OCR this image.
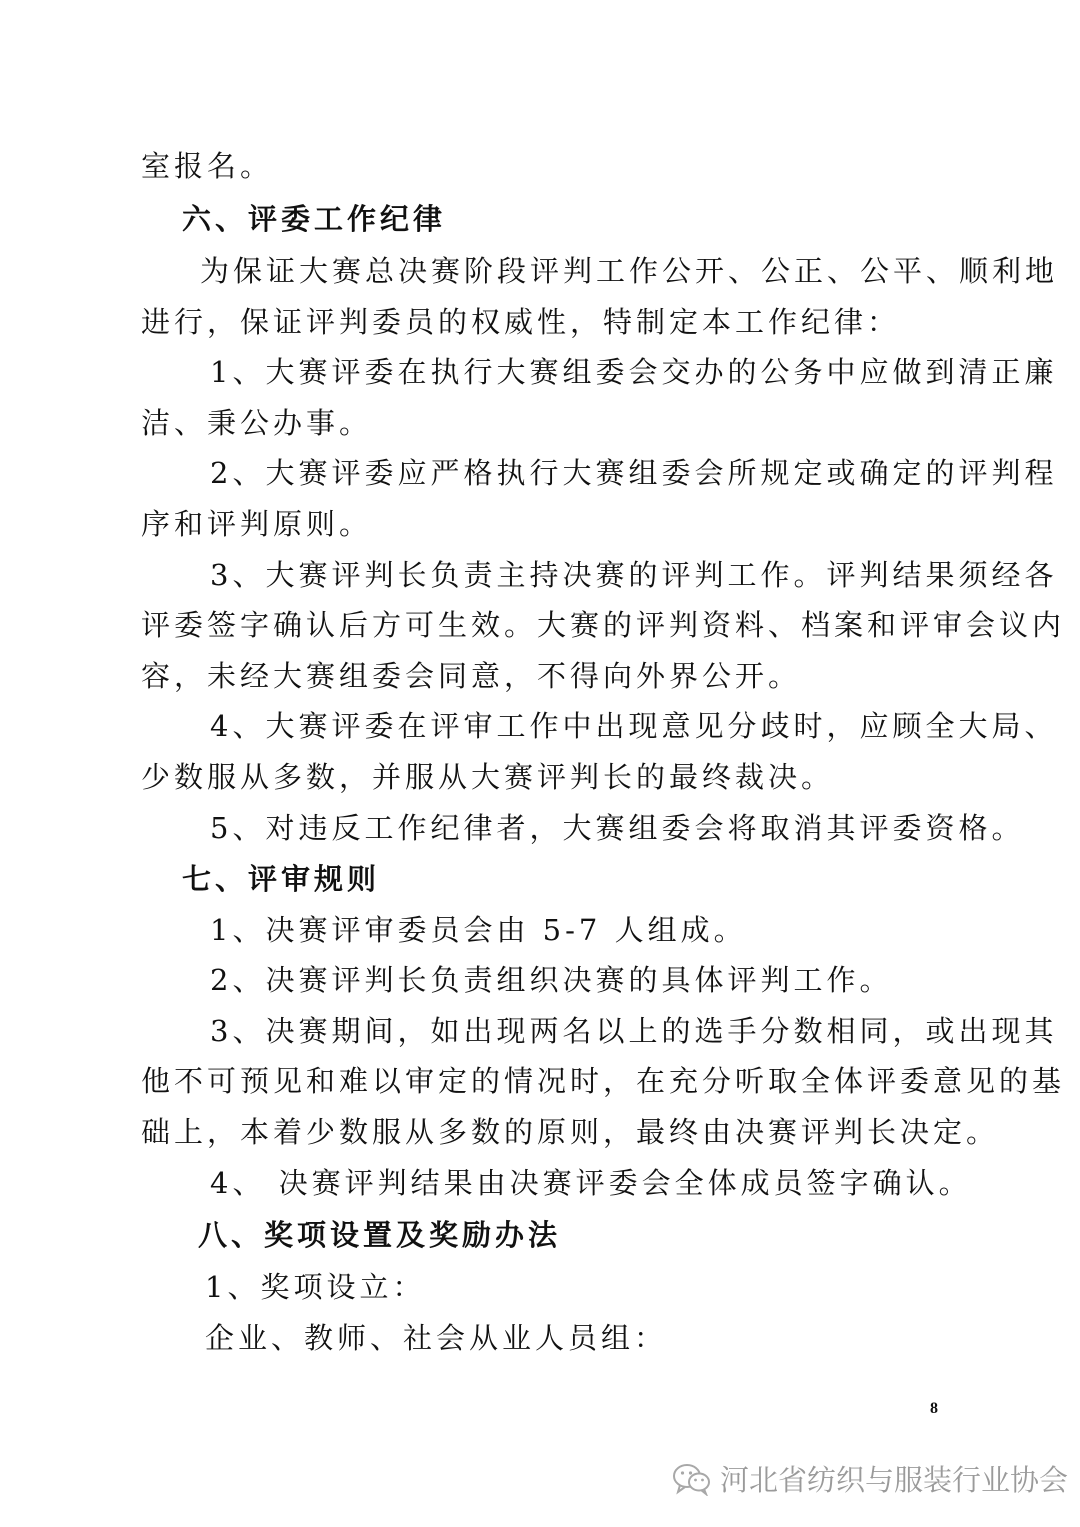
室报名。
六、评委工作纪律
为保证大赛总决赛阶段评判工作公开、公正、公平、顺利地
进行，保证评判委员的权威性，特制定本工作纪律：
1、大赛评委在执行大赛组委会交办的公务中应做到清正廉
洁、秉公办事。
2、大赛评委应严格执行大赛组委会所规定或确定的评判程
序和评判原则。
3、大赛评判长负责主持决赛的评判工作。评判结果须经各
评委签字确认后方可生效。大赛的评判资料、档案和评审会议内
容，未经大赛组委会同意，不得向外界公开。
4、大赛评委在评审工作中出现意见分歧时，应顾全大局、
少数服从多数，并服从大赛评判长的最终裁决。
5、对违反工作纪律者，大赛组委会将取消其评委资格。
七、评审规则
1、决赛评审委员会由 5-7 人组成。
2、决赛评判长负责组织决赛的具体评判工作。
3、决赛期间，如出现两名以上的选手分数相同，或出现其
他不可预见和难以审定的情况时，在充分听取全体评委意见的基
础上，本着少数服从多数的原则，最终由决赛评判长决定。
4、 决赛评判结果由决赛评委会全体成员签字确认。
八、奖项设置及奖励办法
1、奖项设立：
企业、教师、社会从业人员组：
8
河北省纺织与服装行业协会
